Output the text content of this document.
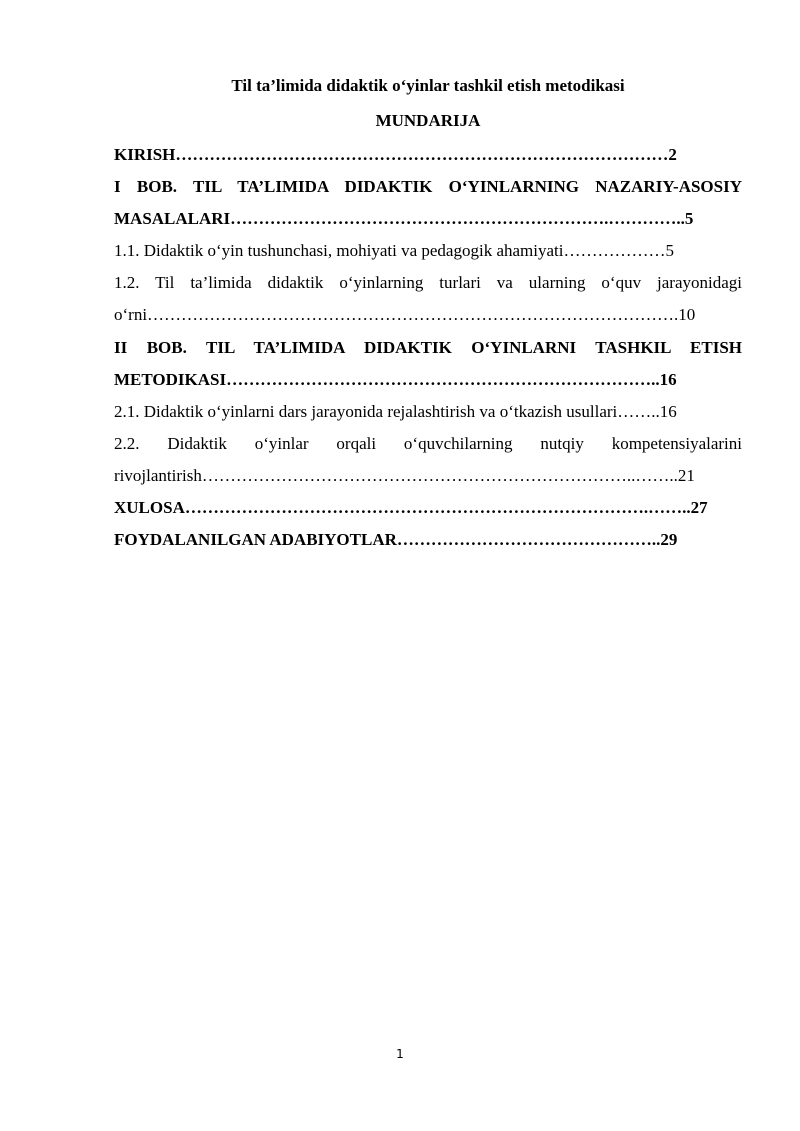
Til ta’limida didaktik o‘yinlar tashkil etish metodikasi
MUNDARIJA
KIRISH……………………………………………………………………………2
I BOB. TIL TA’LIMIDA DIDAKTIK O‘YINLARNING NAZARIY-ASOSIY
MASALALARI………………………………………………………….…………..5
1.1. Didaktik o‘yin tushunchasi, mohiyati va pedagogik ahamiyati………………5
1.2. Til ta’limida didaktik o‘yinlarning turlari va ularning o‘quv jarayonidagi
o‘rni………………………………………………………………………………….10
II BOB. TIL TA’LIMIDA DIDAKTIK O‘YINLARNI TASHKIL ETISH
METODIKASI…………………………………………………………………..16
2.1. Didaktik o‘yinlarni dars jarayonida rejalashtirish va o‘tkazish usullari……..16
2.2. Didaktik o‘yinlar orqali o‘quvchilarning nutqiy kompetensiyalarini
rivojlantirish…………………………………………………………………..……..21
XULOSA……………………………………………………………………….……..27
FOYDALANILGAN ADABIYOTLAR………………………………………..29
1
